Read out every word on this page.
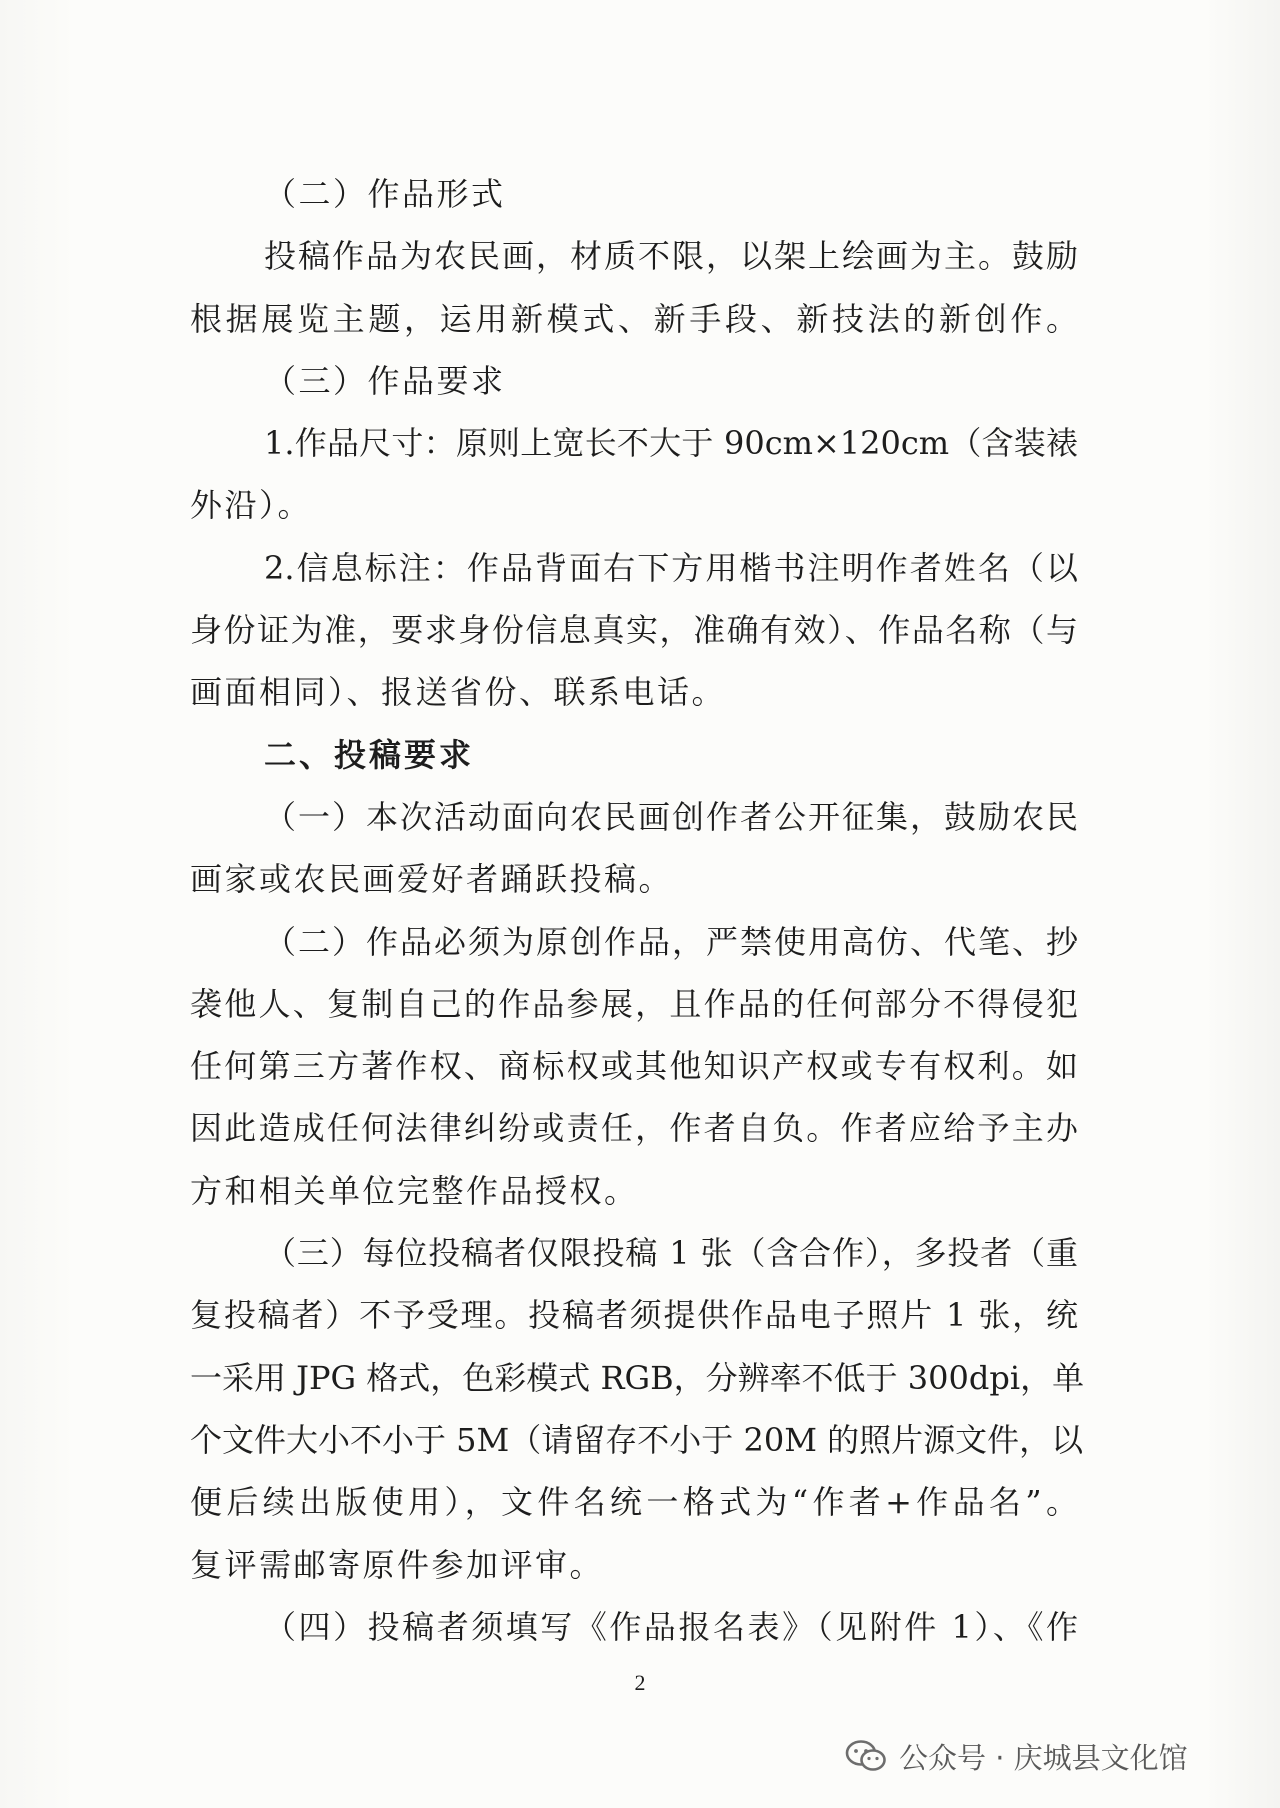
（二）作品形式
投稿作品为农民画，材质不限，以架上绘画为主。鼓励
根据展览主题，运用新模式、新手段、新技法的新创作。
（三）作品要求
1.作品尺寸：原则上宽长不大于 90cm×120cm（含装裱
外沿）。
2.信息标注：作品背面右下方用楷书注明作者姓名（以
身份证为准，要求身份信息真实，准确有效）、作品名称（与
画面相同）、报送省份、联系电话。
二、投稿要求
（一）本次活动面向农民画创作者公开征集，鼓励农民
画家或农民画爱好者踊跃投稿。
（二）作品必须为原创作品，严禁使用高仿、代笔、抄
袭他人、复制自己的作品参展，且作品的任何部分不得侵犯
任何第三方著作权、商标权或其他知识产权或专有权利。如
因此造成任何法律纠纷或责任，作者自负。作者应给予主办
方和相关单位完整作品授权。
（三）每位投稿者仅限投稿 1 张（含合作），多投者（重
复投稿者）不予受理。投稿者须提供作品电子照片 1 张，统
一采用 JPG 格式，色彩模式 RGB，分辨率不低于 300dpi，单
个文件大小不小于 5M（请留存不小于 20M 的照片源文件，以
便后续出版使用），文件名统一格式为“作者+作品名”。
复评需邮寄原件参加评审。
（四）投稿者须填写《作品报名表》（见附件 1）、《作
2
公众号 · 庆城县文化馆
